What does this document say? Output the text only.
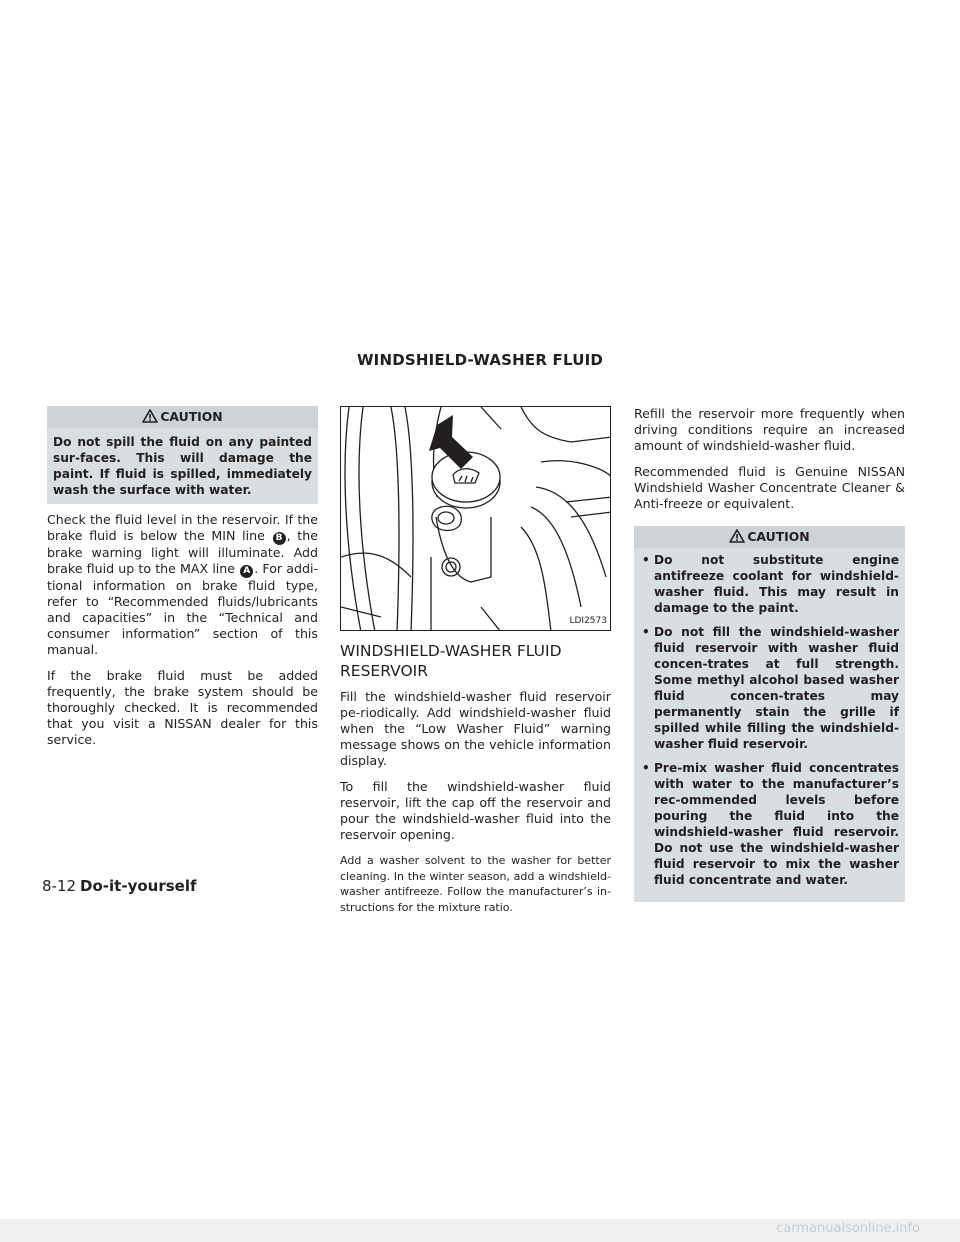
WINDSHIELD-WASHER FLUID
CAUTION
Do not spill the fluid on any painted sur-faces. This will damage the paint. If fluid is spilled, immediately wash the surface with water.

Check the fluid level in the reservoir. If the brake fluid is below the MIN line B , the brake warning light will illuminate. Add brake fluid up to the MAX line A . For addi-tional information on brake fluid type, refer to “Recommended fluids/lubricants and capacities” in the “Technical and consumer information” section of this manual.

If the brake fluid must be added frequently, the brake system should be thoroughly checked. It is recommended that you visit a NISSAN dealer for this service.

LDI2573
WINDSHIELD-WASHER FLUID RESERVOIR

Fill the windshield-washer fluid reservoir pe-riodically. Add windshield-washer fluid when the “Low Washer Fluid” warning message shows on the vehicle information display.

To fill the windshield-washer fluid reservoir, lift the cap off the reservoir and pour the windshield-washer fluid into the reservoir opening.

Add a washer solvent to the washer for better cleaning. In the winter season, add a windshield-washer antifreeze. Follow the manufacturer’s in-structions for the mixture ratio.

Refill the reservoir more frequently when driving conditions require an increased amount of windshield-washer fluid.

Recommended fluid is Genuine NISSAN Windshield Washer Concentrate Cleaner & Anti-freeze or equivalent.

CAUTION
• Do not substitute engine antifreeze coolant for windshield-washer fluid. This may result in damage to the paint.
• Do not fill the windshield-washer fluid reservoir with washer fluid concen-trates at full strength. Some methyl alcohol based washer fluid concen-trates may permanently stain the grille if spilled while filling the windshield-washer fluid reservoir.
• Pre-mix washer fluid concentrates with water to the manufacturer’s rec-ommended levels before pouring the fluid into the windshield-washer fluid reservoir. Do not use the windshield-washer fluid reservoir to mix the washer fluid concentrate and water.
8-12 Do-it-yourself
carmanualsonline.info
